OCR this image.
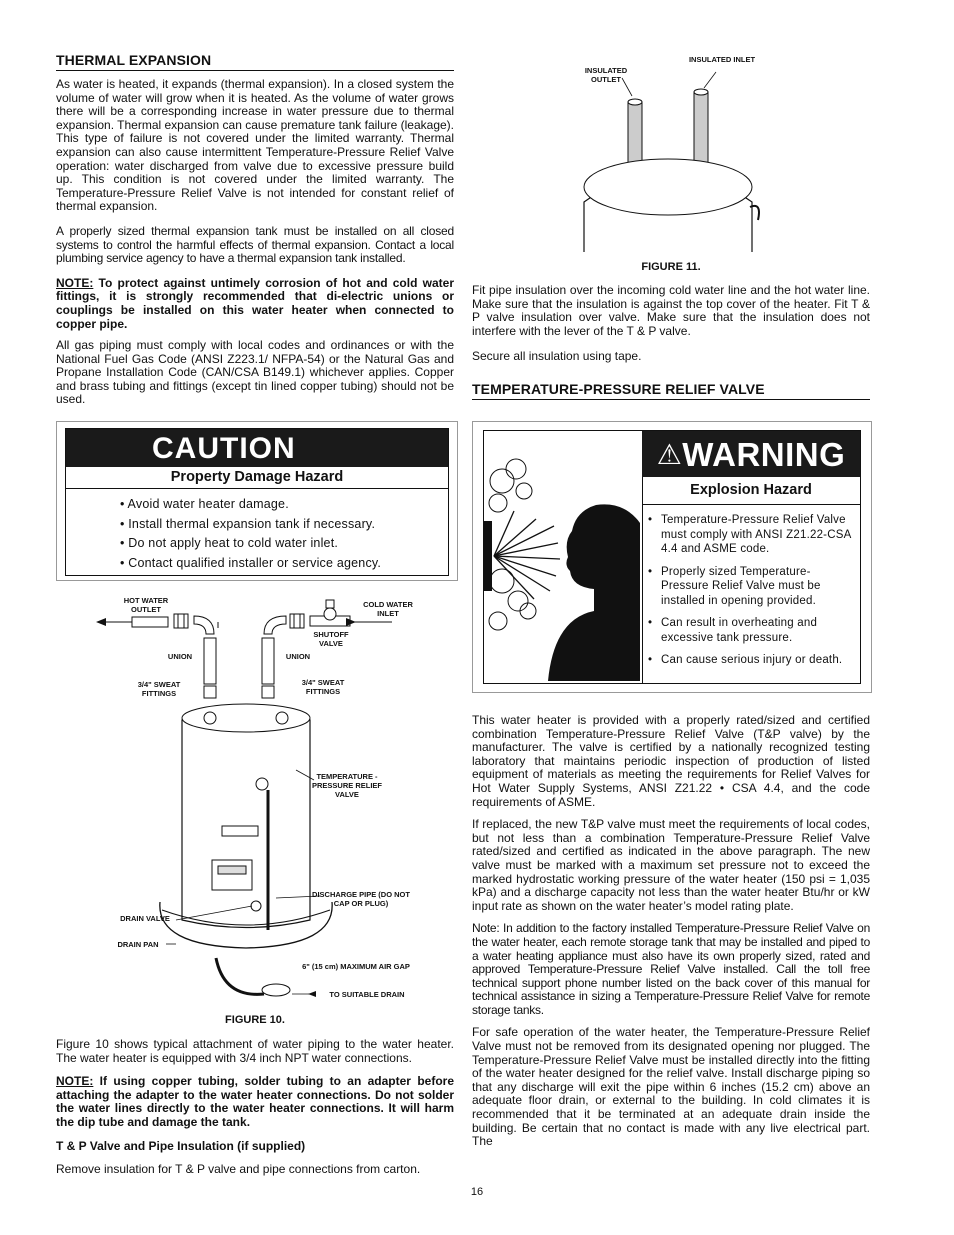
THERMAL EXPANSION

As water is heated, it expands (thermal expansion). In a closed system the volume of water will grow when it is heated. As the volume of water grows there will be a corresponding increase in water pressure due to thermal expansion. Thermal expansion can cause premature tank failure (leakage). This type of failure is not covered under the limited warranty. Thermal expansion can also cause intermittent Temperature-Pressure Relief Valve operation: water discharged from valve due to excessive pressure build up. This condition is not covered under the limited warranty. The Temperature-Pressure Relief Valve is not intended for constant relief of thermal expansion.

A properly sized thermal expansion tank must be installed on all closed systems to control the harmful effects of thermal expansion. Contact a local plumbing service agency to have a thermal expansion tank installed.

NOTE: To protect against untimely corrosion of hot and cold water fittings, it is strongly recommended that di-electric unions or couplings be installed on this water heater when connected to copper pipe.

All gas piping must comply with local codes and ordinances or with the National Fuel Gas Code (ANSI Z223.1/ NFPA-54) or the Natural Gas and Propane Installation Code (CAN/CSA B149.1) whichever applies. Copper and brass tubing and fittings (except tin lined copper tubing) should not be used.

CAUTION
Property Damage Hazard
• Avoid water heater damage.
• Install thermal expansion tank if necessary.
• Do not apply heat to cold water inlet.
• Contact qualified installer or service agency.
HOT WATER OUTLET
COLD WATER INLET
SHUTOFF VALVE
UNION	UNION
3/4" SWEAT FITTINGS
3/4" SWEAT FITTINGS
TEMPERATURE - PRESSURE RELIEF VALVE
DISCHARGE PIPE (DO NOT CAP OR PLUG)
DRAIN VALVE
DRAIN PAN
6" (15 cm) MAXIMUM AIR GAP
TO SUITABLE DRAIN
FIGURE 10.

Figure 10 shows typical attachment of water piping to the water heater. The water heater is equipped with 3/4 inch NPT water connections.

NOTE: If using copper tubing, solder tubing to an adapter before attaching the adapter to the water heater connections. Do not solder the water lines directly to the water heater connections. It will harm the dip tube and damage the tank.

T & P Valve and Pipe Insulation (if supplied)

Remove insulation for T & P valve and pipe connections from carton.

INSULATED OUTLET
INSULATED INLET
FIGURE 11.

Fit pipe insulation over the incoming cold water line and the hot water line. Make sure that the insulation is against the top cover of the heater. Fit T & P valve insulation over valve. Make sure that the insulation does not interfere with the lever of the T & P valve.

Secure all insulation using tape.

TEMPERATURE-PRESSURE RELIEF VALVE
⚠WARNING
Explosion Hazard
• Temperature-Pressure Relief Valve must comply with ANSI Z21.22-CSA 4.4 and ASME code.
• Properly sized Temperature-Pressure Relief Valve must be installed in opening provided.
• Can result in overheating and excessive tank pressure.
• Can cause serious injury or death.

This water heater is provided with a properly rated/sized and certified combination Temperature-Pressure Relief Valve (T&P valve) by the manufacturer. The valve is certified by a nationally recognized testing laboratory that maintains periodic inspection of production of listed equipment of materials as meeting the requirements for Relief Valves for Hot Water Supply Systems, ANSI Z21.22 • CSA 4.4, and the code requirements of ASME.

If replaced, the new T&P valve must meet the requirements of local codes, but not less than a combination Temperature-Pressure Relief Valve rated/sized and certified as indicated in the above paragraph. The new valve must be marked with a maximum set pressure not to exceed the marked hydrostatic working pressure of the water heater (150 psi = 1,035 kPa) and a discharge capacity not less than the water heater Btu/hr or kW input rate as shown on the water heater’s model rating plate.

Note: In addition to the factory installed Temperature-Pressure Relief Valve on the water heater, each remote storage tank that may be installed and piped to a water heating appliance must also have its own properly sized, rated and approved Temperature-Pressure Relief Valve installed. Call the toll free technical support phone number listed on the back cover of this manual for technical assistance in sizing a Temperature-Pressure Relief Valve for remote storage tanks.

For safe operation of the water heater, the Temperature-Pressure Relief Valve must not be removed from its designated opening nor plugged. The Temperature-Pressure Relief Valve must be installed directly into the fitting of the water heater designed for the relief valve. Install discharge piping so that any discharge will exit the pipe within 6 inches (15.2 cm) above an adequate floor drain, or external to the building. In cold climates it is recommended that it be terminated at an adequate drain inside the building. Be certain that no contact is made with any live electrical part. The

16
